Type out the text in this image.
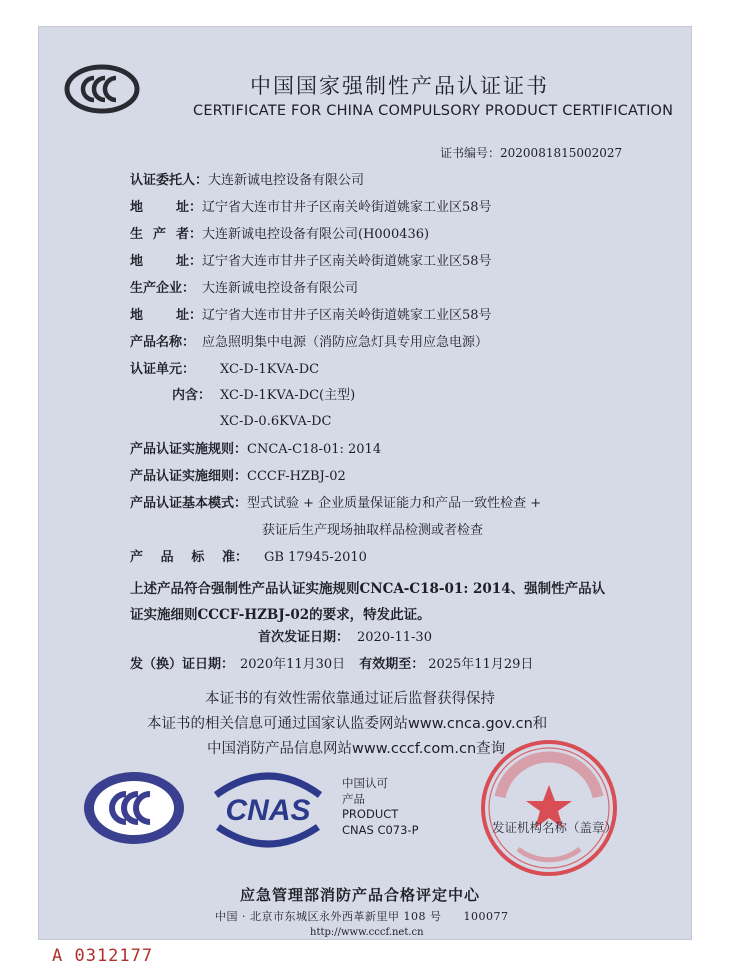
中国国家强制性产品认证证书
CERTIFICATE FOR CHINA COMPULSORY PRODUCT CERTIFICATION
证书编号：2020081815002027
认证委托人：大连新诚电控设备有限公司
地	址： 辽宁省大连市甘井子区南关岭街道姚家工业区58号
生 产 者： 大连新诚电控设备有限公司(H000436)
地	址： 辽宁省大连市甘井子区南关岭街道姚家工业区58号
生产企业： 大连新诚电控设备有限公司
地	址： 辽宁省大连市甘井子区南关岭街道姚家工业区58号
产品名称： 应急照明集中电源（消防应急灯具专用应急电源）
认证单元： XC-D-1KVA-DC
内含： XC-D-1KVA-DC(主型)
XC-D-0.6KVA-DC
产品认证实施规则：CNCA-C18-01: 2014
产品认证实施细则：CCCF-HZBJ-02
产品认证基本模式：型式试验 + 企业质量保证能力和产品一致性检查 +
获证后生产现场抽取样品检测或者检查
产 品 标 准： GB 17945-2010
上述产品符合强制性产品认证实施规则CNCA-C18-01: 2014、强制性产品认
证实施细则CCCF-HZBJ-02的要求，特发此证。
首次发证日期： 2020-11-30
发（换）证日期： 2020年11月30日 有效期至： 2025年11月29日
本证书的有效性需依靠通过证后监督获得保持
本证书的相关信息可通过国家认监委网站www.cnca.gov.cn和
中国消防产品信息网站www.cccf.com.cn查询
CNAS
中国认可
产品
PRODUCT
CNAS C073-P	发证机构名称（盖章）
应急管理部消防产品合格评定中心
中国 · 北京市东城区永外西革新里甲 108 号 100077
http://www.cccf.net.cn
A 0312177
